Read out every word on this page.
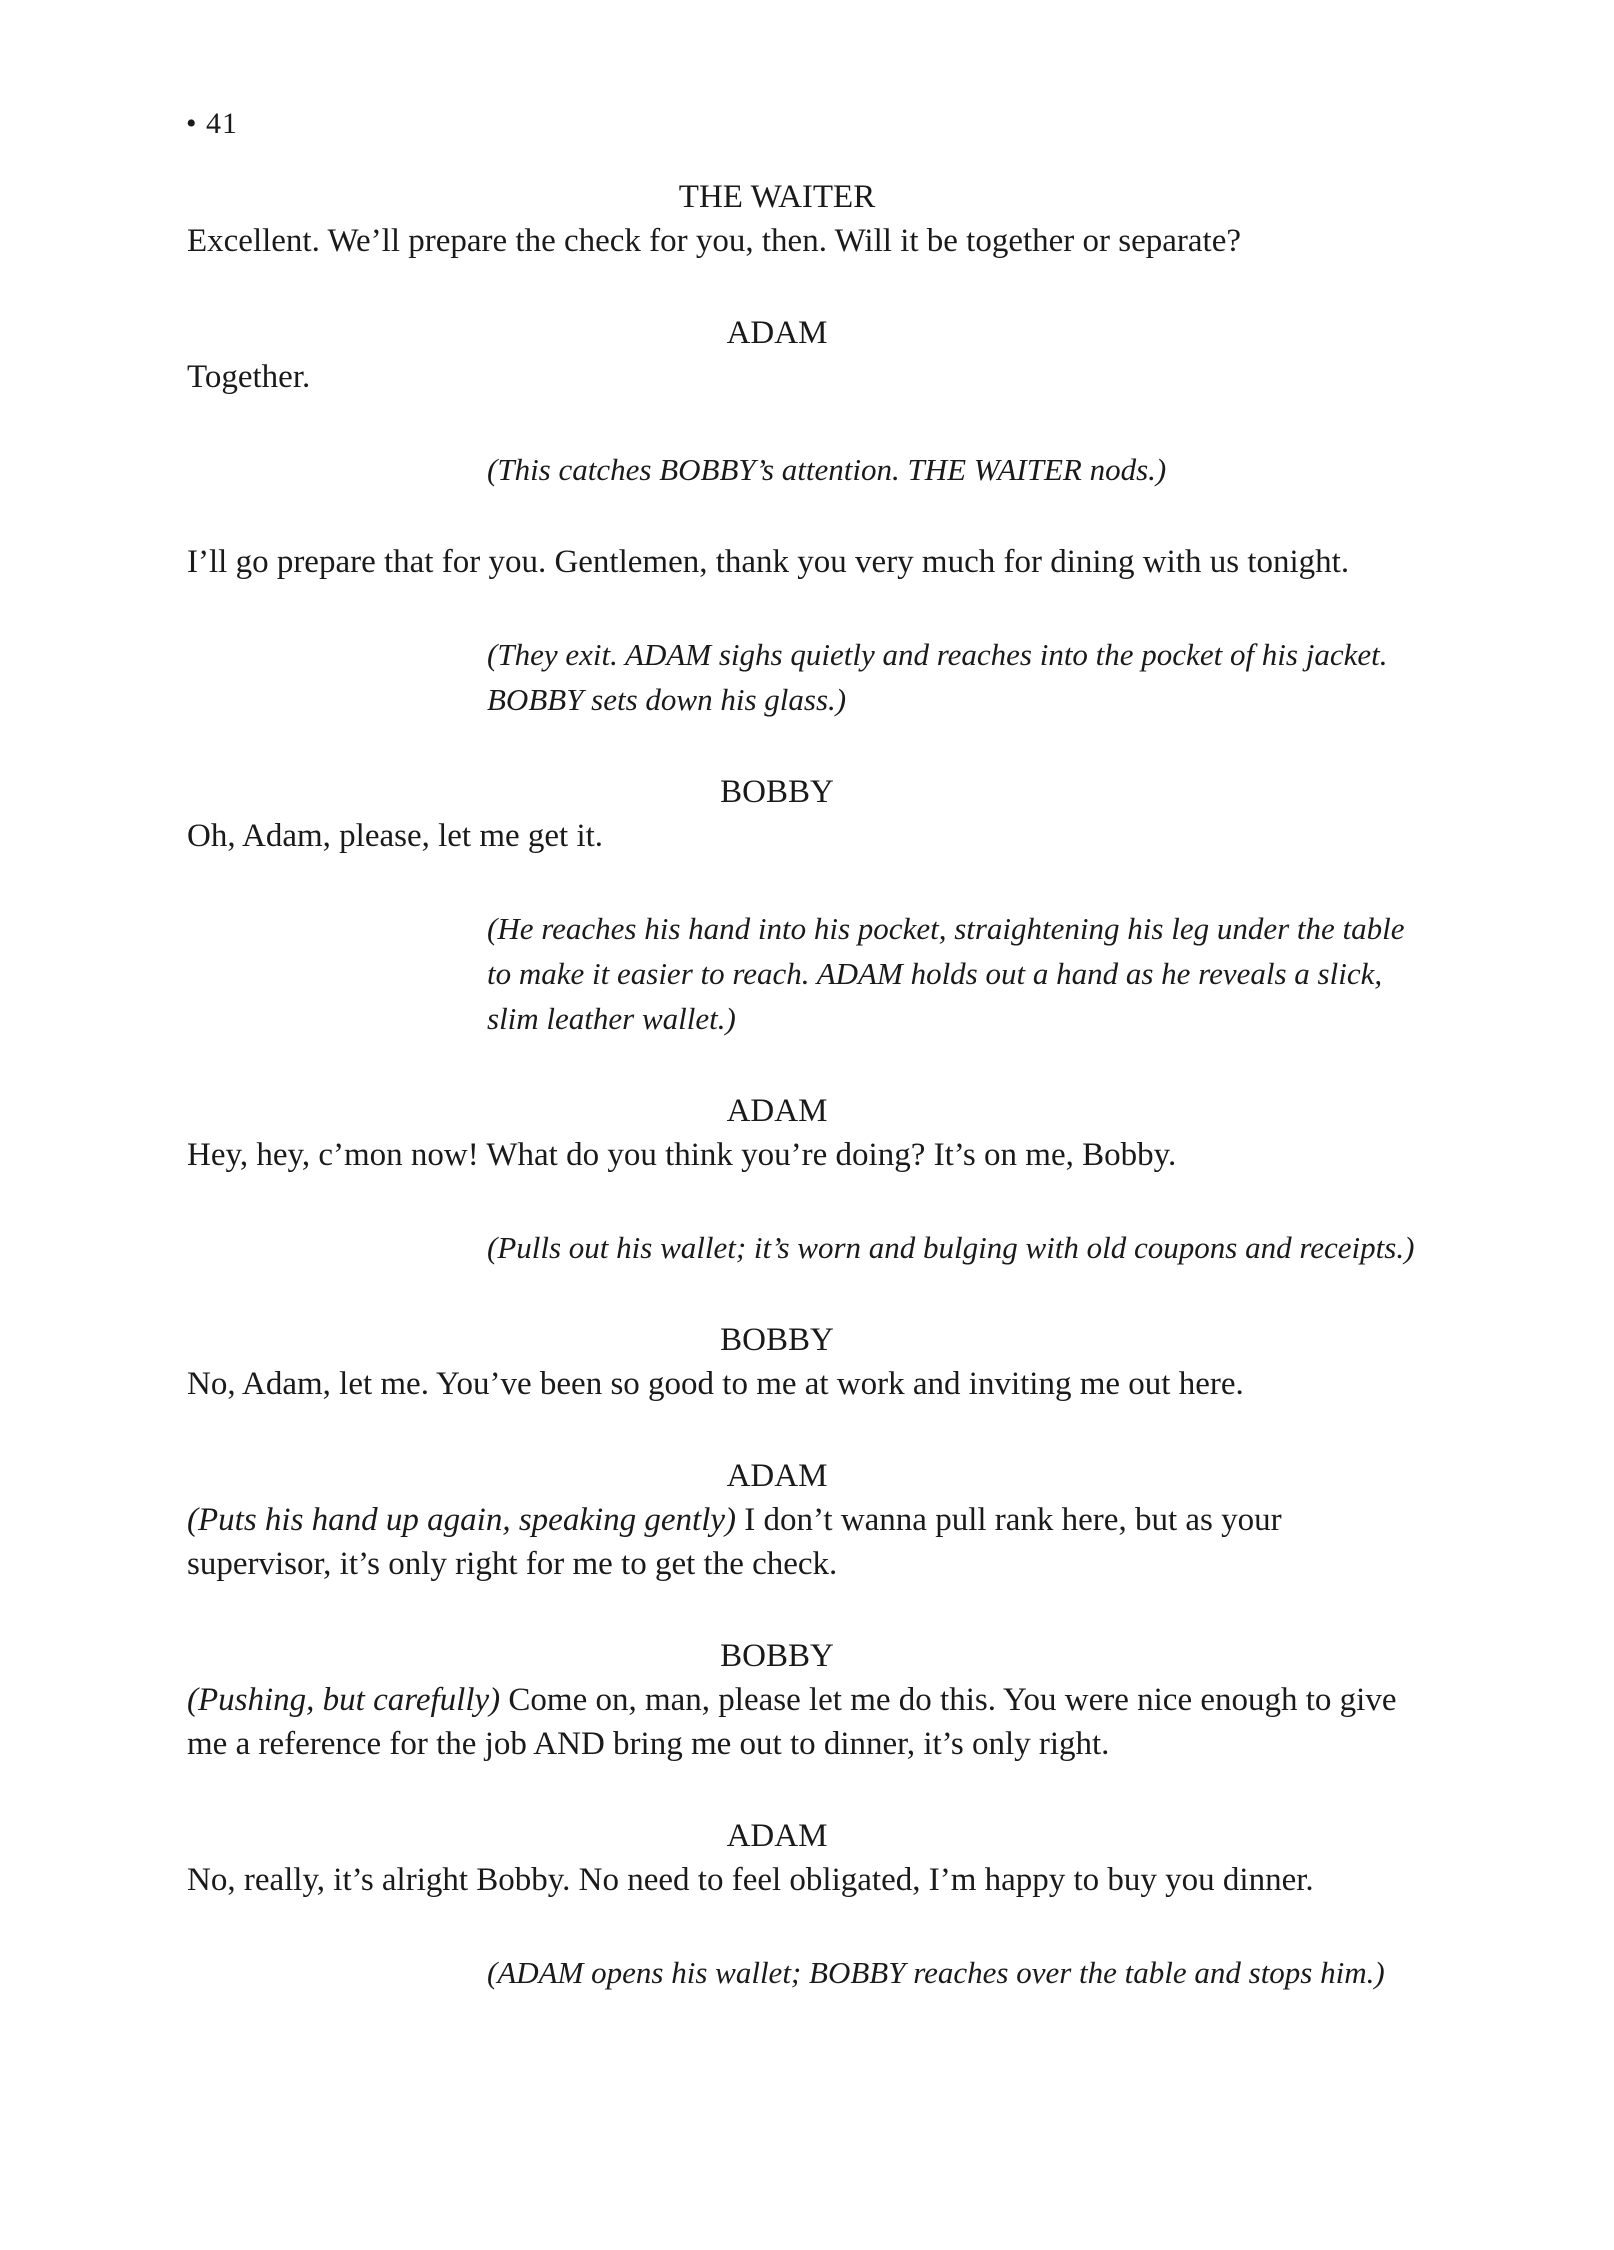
• 41

THE WAITER

Excellent. We’ll prepare the check for you, then. Will it be together or separate?

ADAM

Together.

(This catches BOBBY’s attention. THE WAITER nods.)

I’ll go prepare that for you. Gentlemen, thank you very much for dining with us tonight.

(They exit. ADAM sighs quietly and reaches into the pocket of his jacket. BOBBY sets down his glass.)

BOBBY

Oh, Adam, please, let me get it.

(He reaches his hand into his pocket, straightening his leg under the table to make it easier to reach. ADAM holds out a hand as he reveals a slick, slim leather wallet.)

ADAM

Hey, hey, c’mon now! What do you think you’re doing? It’s on me, Bobby.

(Pulls out his wallet; it’s worn and bulging with old coupons and receipts.)

BOBBY

No, Adam, let me. You’ve been so good to me at work and inviting me out here.

ADAM

(Puts his hand up again, speaking gently) I don’t wanna pull rank here, but as your supervisor, it’s only right for me to get the check.

BOBBY

(Pushing, but carefully) Come on, man, please let me do this. You were nice enough to give me a reference for the job AND bring me out to dinner, it’s only right.

ADAM

No, really, it’s alright Bobby. No need to feel obligated, I’m happy to buy you dinner.

(ADAM opens his wallet; BOBBY reaches over the table and stops him.)
